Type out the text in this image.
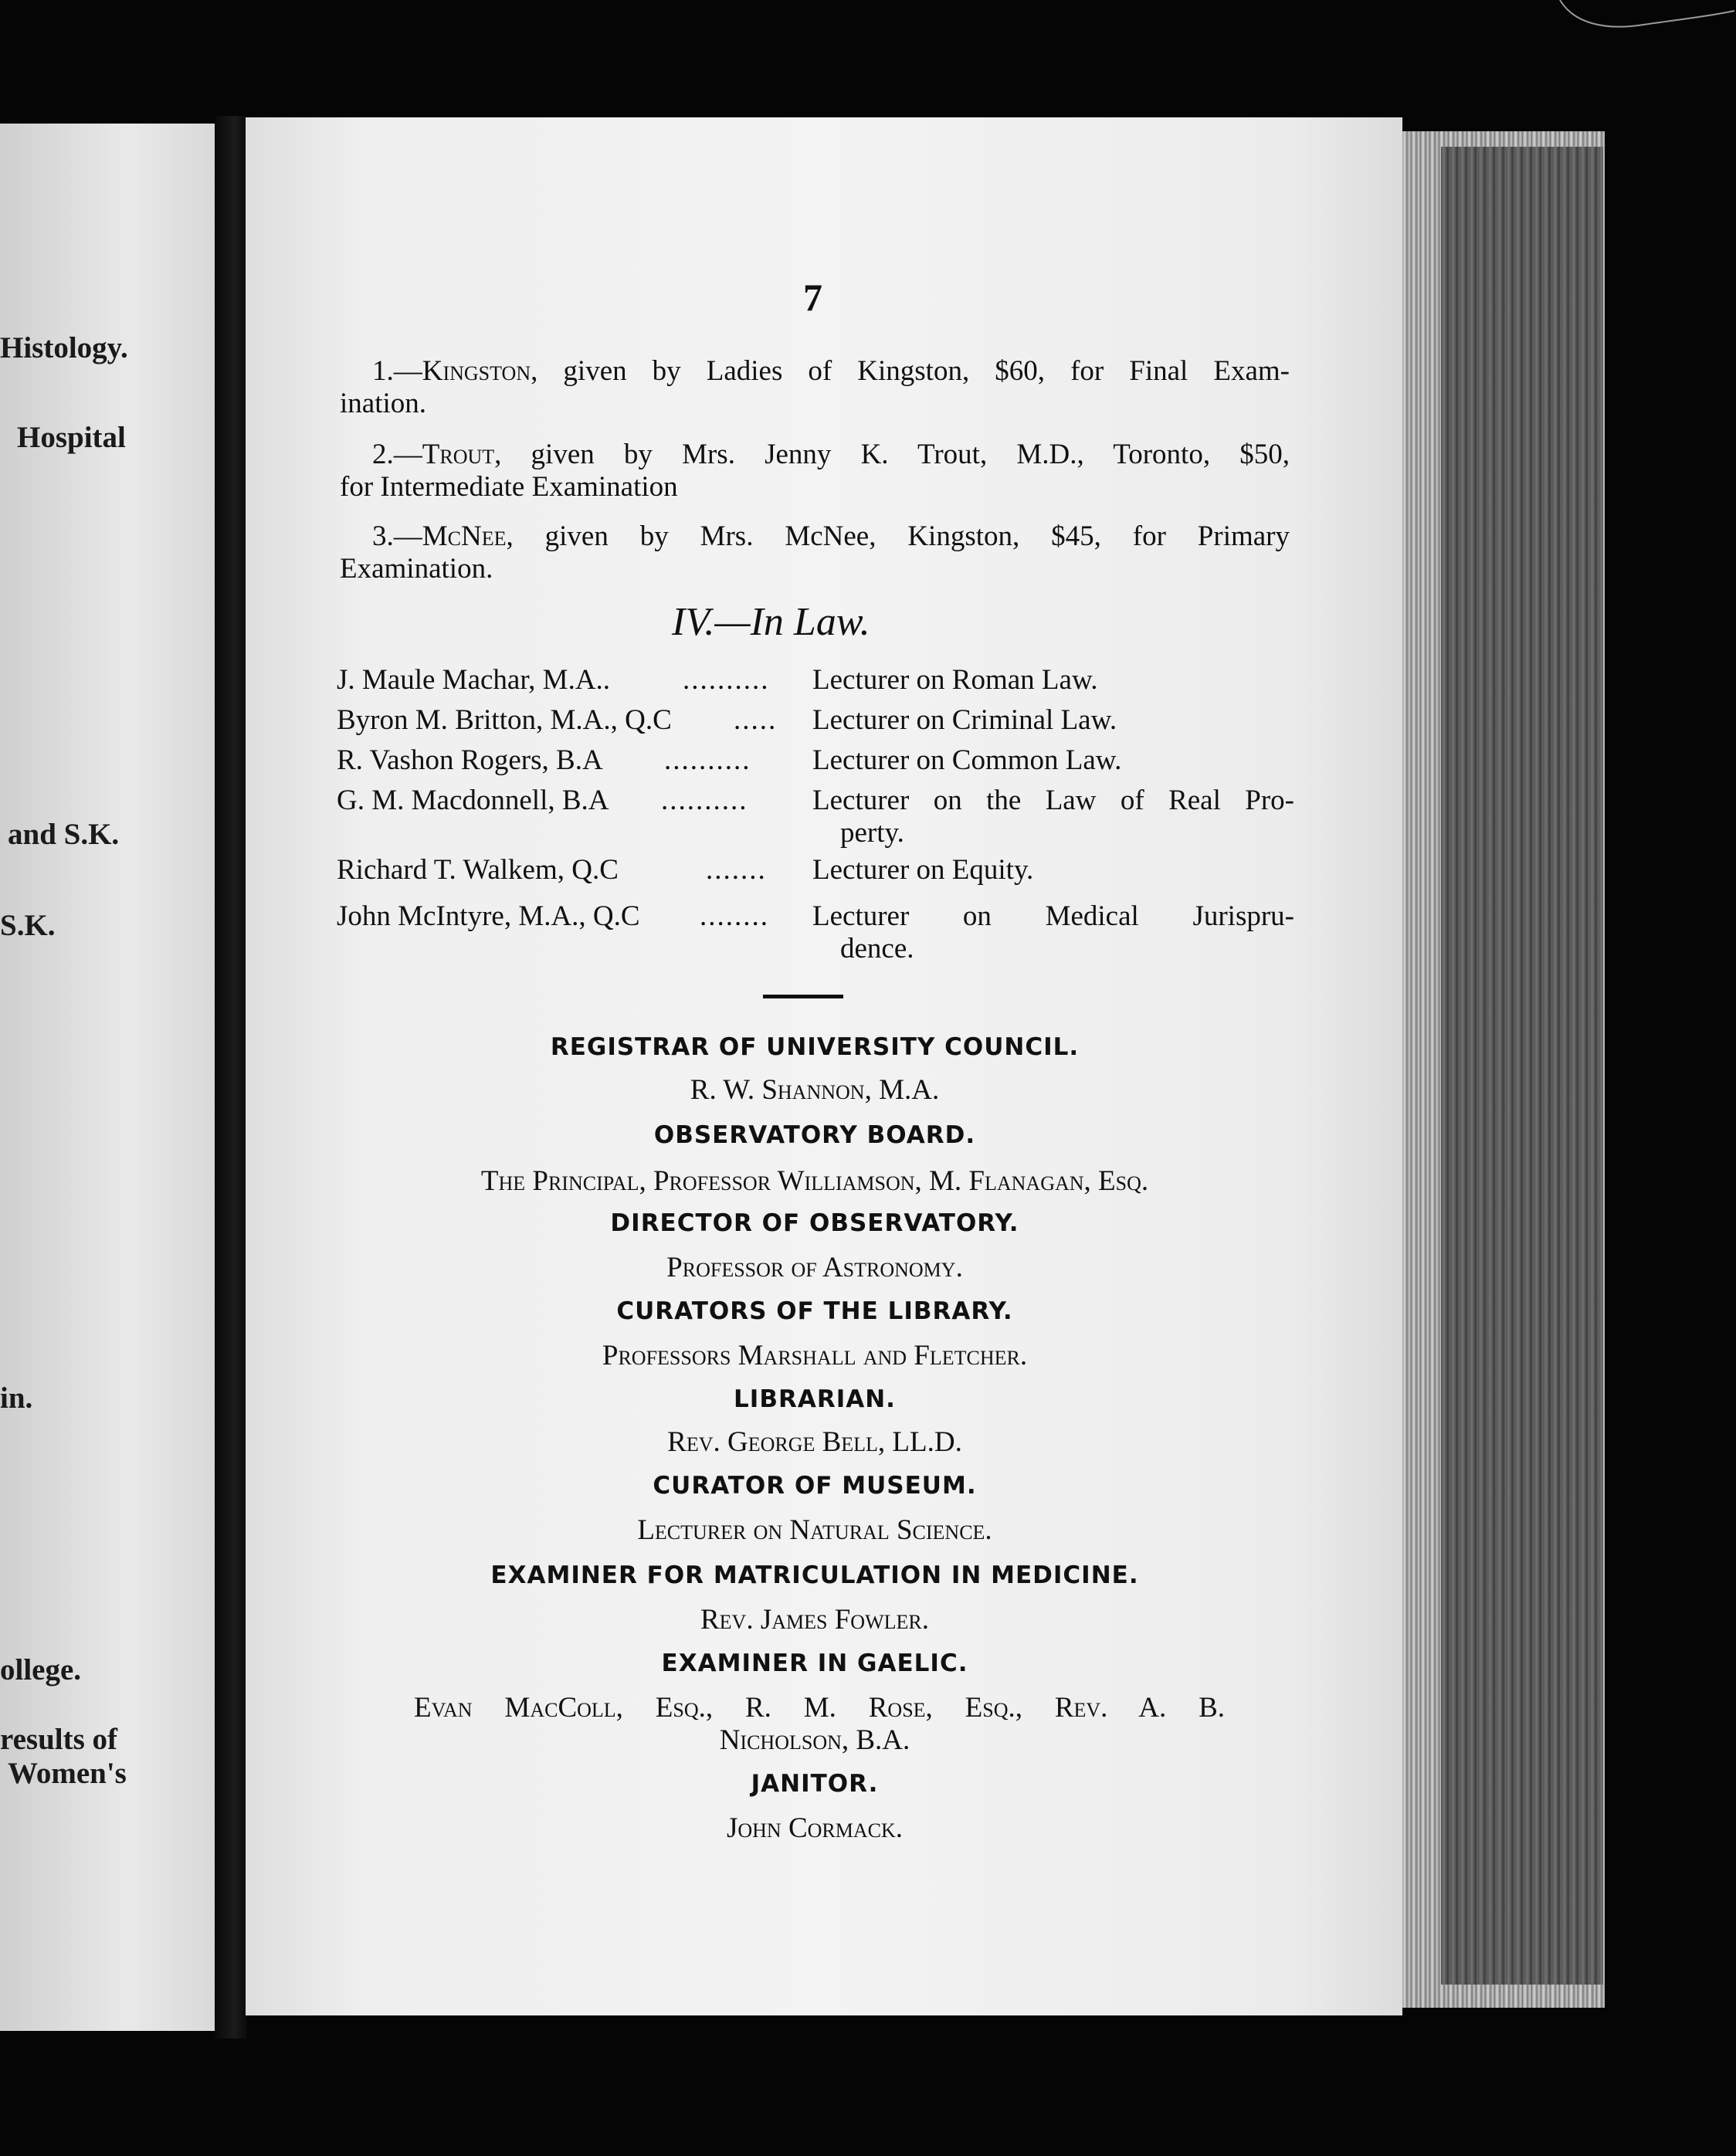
Histology.
Hospital
and S.K.
S.K.
in.
ollege.
results of
Women's
7
1.—Kingston, given by Ladies of Kingston, $60, for Final Exam-
ination.
2.—Trout, given by Mrs. Jenny K. Trout, M.D., Toronto, $50,
for Intermediate Examination
3.—McNee, given by Mrs. McNee, Kingston, $45, for Primary
Examination.
IV.—In Law.
J. Maule Machar, M.A..	.......... Lecturer on Roman Law.
Byron M. Britton, M.A., Q.C ..... Lecturer on Criminal Law.
R. Vashon Rogers, B.A .......... Lecturer on Common Law.
G. M. Macdonnell, B.A .......... Lecturer on the Law of Real Pro-
perty.
Richard T. Walkem, Q.C	....... Lecturer on Equity.
John McIntyre, M.A., Q.C ........ Lecturer on Medical Jurispru-
dence.
REGISTRAR OF UNIVERSITY COUNCIL.
R. W. Shannon, M.A.
OBSERVATORY BOARD.
The Principal, Professor Williamson, M. Flanagan, Esq.
DIRECTOR OF OBSERVATORY.
Professor of Astronomy.
CURATORS OF THE LIBRARY.
Professors Marshall and Fletcher.
LIBRARIAN.
Rev. George Bell, LL.D.
CURATOR OF MUSEUM.
Lecturer on Natural Science.
EXAMINER FOR MATRICULATION IN MEDICINE.
Rev. James Fowler.
EXAMINER IN GAELIC.
Evan MacColl, Esq., R. M. Rose, Esq., Rev. A. B.
Nicholson, B.A.
JANITOR.
John Cormack.
